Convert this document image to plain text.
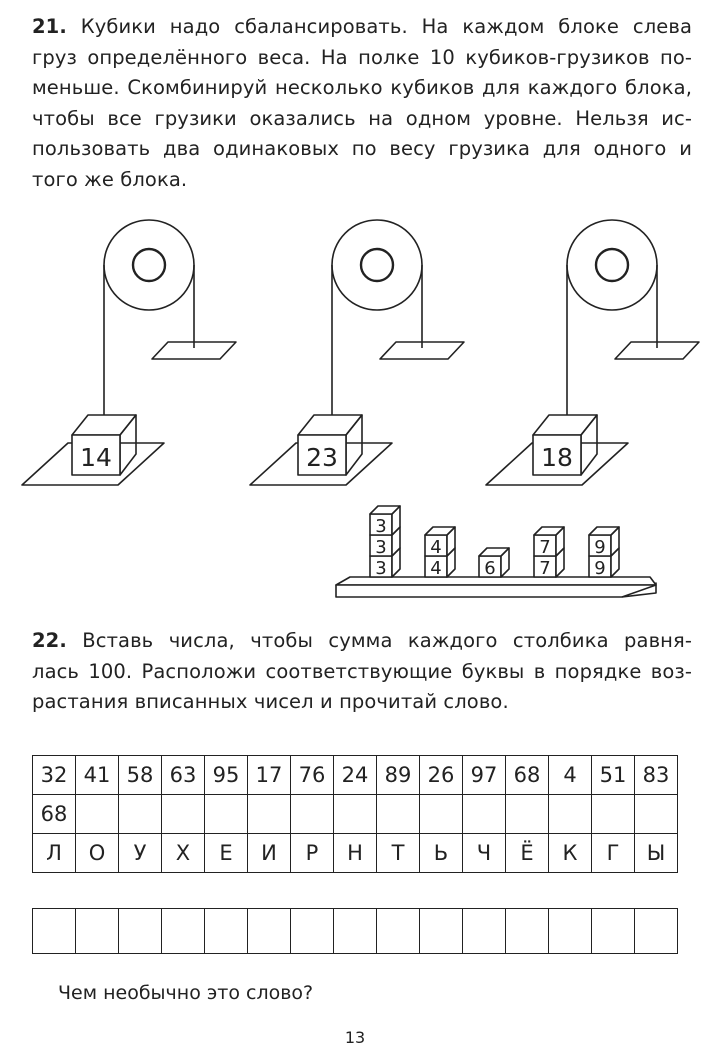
21. Кубики надо сбалансировать. На каждом блоке слева
груз определённого веса. На полке 10 кубиков-грузиков по-
меньше. Скомбинируй несколько кубиков для каждого блока,
чтобы все грузики оказались на одном уровне. Нельзя ис-
пользовать два одинаковых по весу грузика для одного и
того же блока.
14	23	18
3
3
3
4
4
6 7
7
9
9
22. Вставь числа, чтобы сумма каждого столбика равня-
лась 100. Расположи соответствующие буквы в порядке воз-
растания вписанных чисел и прочитай слово.
32	41	58	63	95	17	76	24	89	26	97	68	4	51	83
68														
Л	О	У	Х	Е	И	Р	Н	Т	Ь	Ч	Ё	К	Г	Ы

Чем необычно это слово?

13
